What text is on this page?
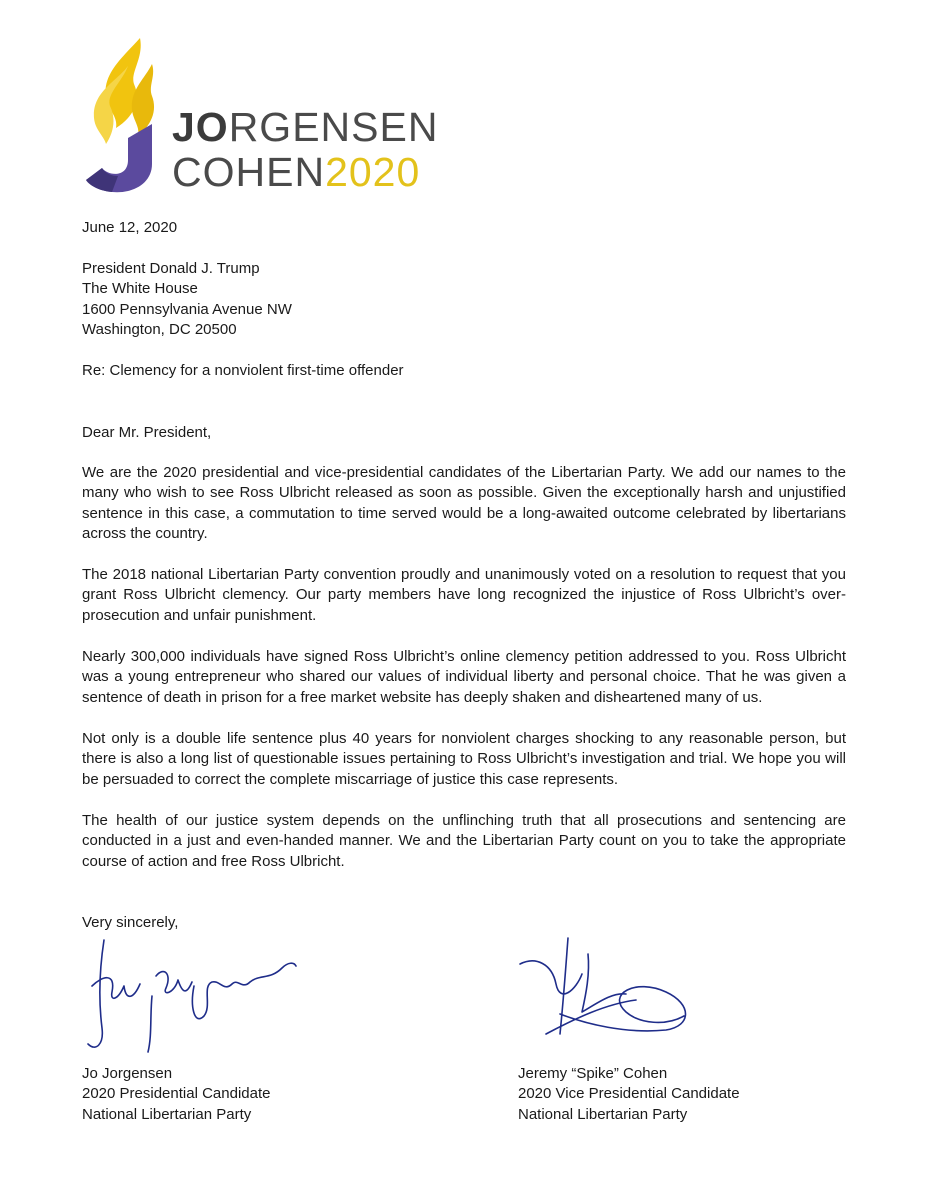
JORGENSEN
COHEN2020

June 12, 2020

President Donald J. Trump
The White House
1600 Pennsylvania Avenue NW
Washington, DC 20500

Re: Clemency for a nonviolent first-time offender

Dear Mr. President,

We are the 2020 presidential and vice-presidential candidates of the Libertarian Party. We add our names to the many who wish to see Ross Ulbricht released as soon as possible. Given the exceptionally harsh and unjustified sentence in this case, a commutation to time served would be a long-awaited outcome celebrated by libertarians across the country.

The 2018 national Libertarian Party convention proudly and unanimously voted on a resolution to request that you grant Ross Ulbricht clemency. Our party members have long recognized the injustice of Ross Ulbricht’s over-prosecution and unfair punishment.

Nearly 300,000 individuals have signed Ross Ulbricht’s online clemency petition addressed to you. Ross Ulbricht was a young entrepreneur who shared our values of individual liberty and personal choice. That he was given a sentence of death in prison for a free market website has deeply shaken and disheartened many of us.

Not only is a double life sentence plus 40 years for nonviolent charges shocking to any reasonable person, but there is also a long list of questionable issues pertaining to Ross Ulbricht’s investigation and trial. We hope you will be persuaded to correct the complete miscarriage of justice this case represents.

The health of our justice system depends on the unflinching truth that all prosecutions and sentencing are conducted in a just and even-handed manner. We and the Libertarian Party count on you to take the appropriate course of action and free Ross Ulbricht.

Very sincerely,

Jo Jorgensen
2020 Presidential Candidate
National Libertarian Party
Jeremy “Spike” Cohen
2020 Vice Presidential Candidate
National Libertarian Party
